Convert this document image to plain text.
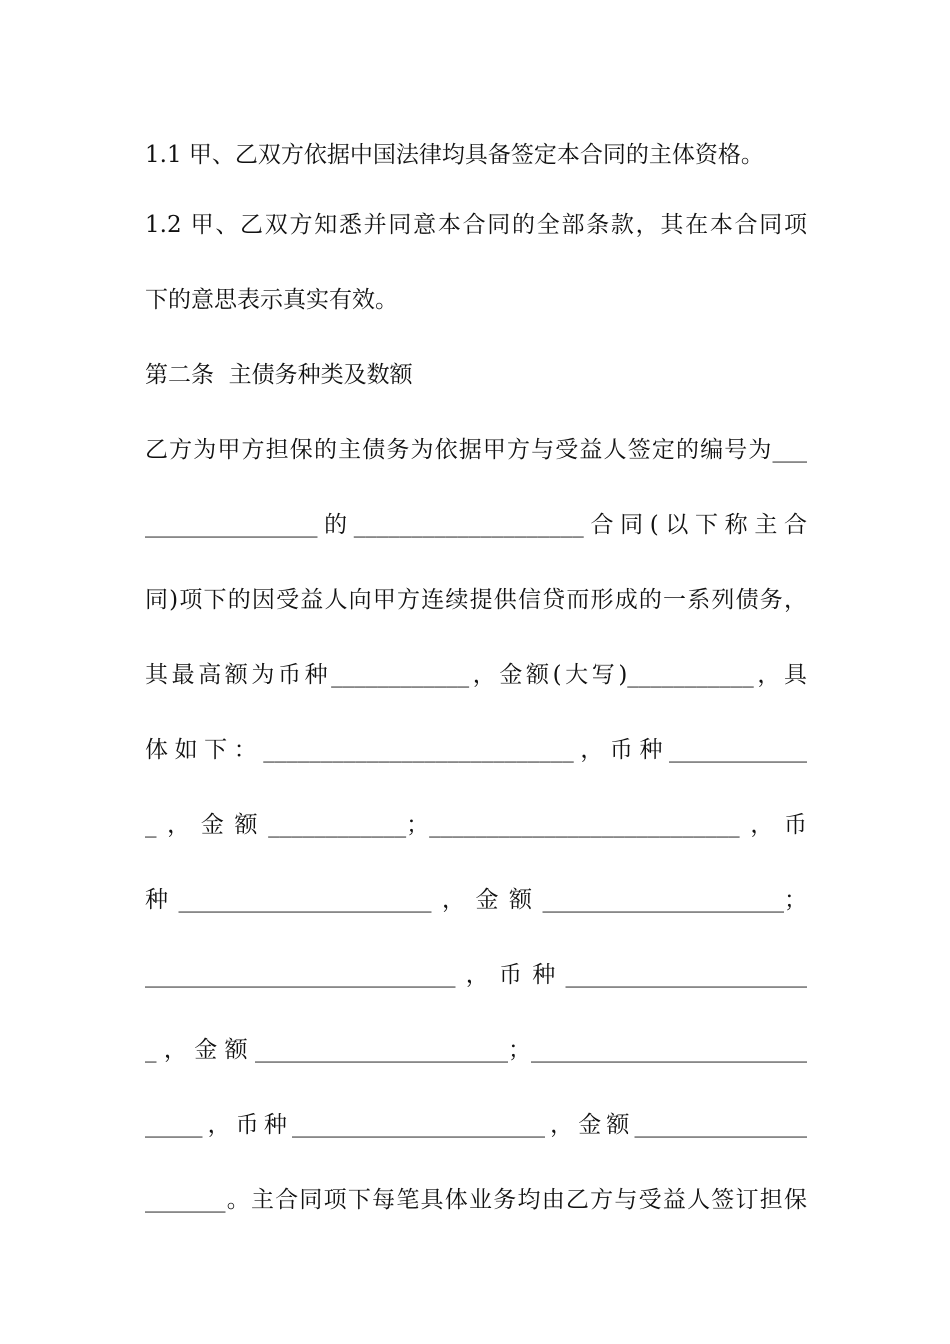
1.1 甲、乙双方依据中国法律均具备签定本合同的主体资格。
1.2 甲、乙双方知悉并同意本合同的全部条款，其在本合同项
下的意思表示真实有效。
第二条  主债务种类及数额
乙方为甲方担保的主债务为依据甲方与受益人签定的编号为___
_______________的____________________合同(以下称主合
同)项下的因受益人向甲方连续提供信贷而形成的一系列债务，
其最高额为币种____________，金额(大写)___________，具
体如下：___________________________，币种____________
_，金额____________；___________________________，币
种______________________，金额_____________________；
___________________________，币种_____________________
_，金额______________________；________________________
_____，币种______________________，金额_______________
_______。主合同项下每笔具体业务均由乙方与受益人签订担保
